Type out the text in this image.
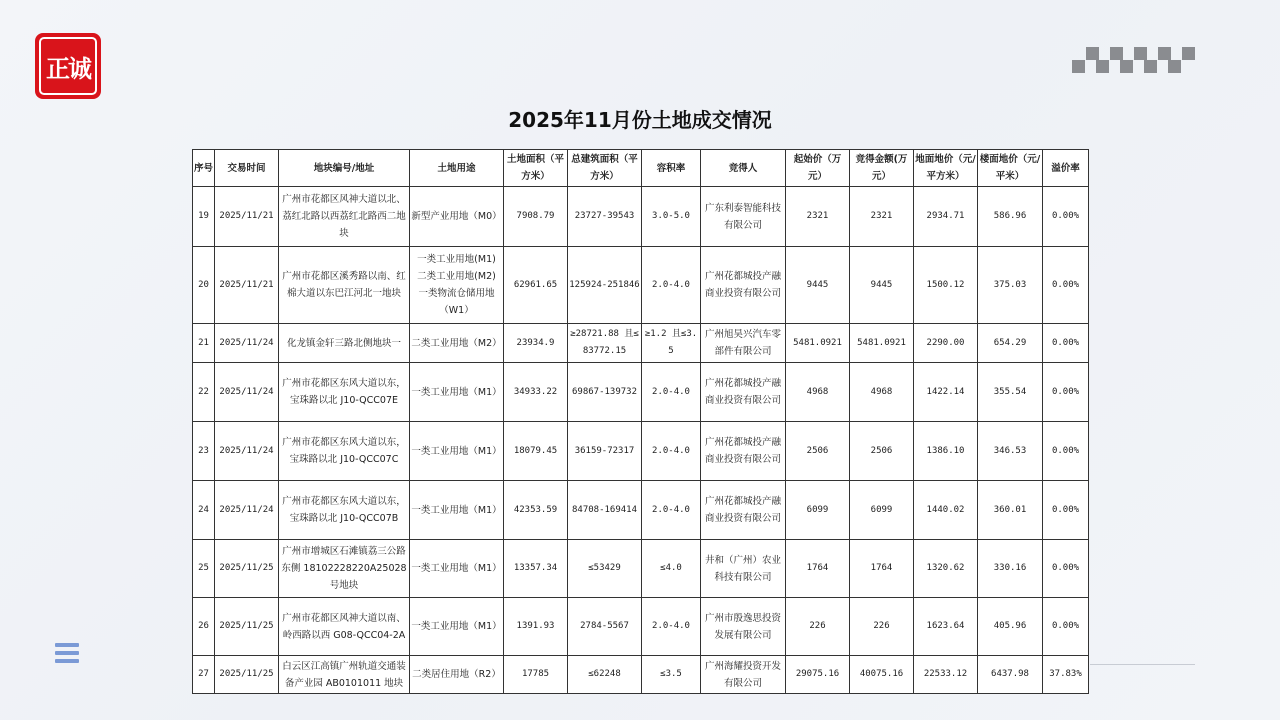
正诚
2025年11月份土地成交情况
序号	交易时间	地块编号/地址	土地用途	土地面积（平方米）	总建筑面积（平方米）	容积率	竞得人	起始价（万元）	竞得金额(万元）	地面地价（元/平方米）	楼面地价（元/平米）	溢价率
19	2025/11/21	广州市花都区风神大道以北、荔红北路以西荔红北路西二地块	新型产业用地（M0）	7908.79	23727-39543	3.0-5.0	广东利泰智能科技有限公司	2321	2321	2934.71	586.96	0.00%
20	2025/11/21	广州市花都区溪秀路以南、红棉大道以东巴江河北一地块	一类工业用地(M1) 二类工业用地(M2) 一类物流仓储用地（W1）	62961.65	125924-251846	2.0-4.0	广州花都城投产融商业投资有限公司	9445	9445	1500.12	375.03	0.00%
21	2025/11/24	化龙镇金轩三路北侧地块一	二类工业用地（M2）	23934.9	≥28721.88 且≤83772.15	≥1.2 且≤3.5	广州旭昊兴汽车零部件有限公司	5481.0921	5481.0921	2290.00	654.29	0.00%
22	2025/11/24	广州市花都区东风大道以东，宝珠路以北 J10-QCC07E	一类工业用地（M1）	34933.22	69867-139732	2.0-4.0	广州花都城投产融商业投资有限公司	4968	4968	1422.14	355.54	0.00%
23	2025/11/24	广州市花都区东风大道以东，宝珠路以北 J10-QCC07C	一类工业用地（M1）	18079.45	36159-72317	2.0-4.0	广州花都城投产融商业投资有限公司	2506	2506	1386.10	346.53	0.00%
24	2025/11/24	广州市花都区东风大道以东，宝珠路以北 J10-QCC07B	一类工业用地（M1）	42353.59	84708-169414	2.0-4.0	广州花都城投产融商业投资有限公司	6099	6099	1440.02	360.01	0.00%
25	2025/11/25	广州市增城区石滩镇荔三公路东侧 18102228220A25028 号地块	一类工业用地（M1）	13357.34	≤53429	≤4.0	井和（广州）农业科技有限公司	1764	1764	1320.62	330.16	0.00%
26	2025/11/25	广州市花都区风神大道以南、岭西路以西 G08-QCC04-2A	一类工业用地（M1）	1391.93	2784-5567	2.0-4.0	广州市殷逸思投资发展有限公司	226	226	1623.64	405.96	0.00%
27	2025/11/25	白云区江高镇广州轨道交通装备产业园 AB0101011 地块	二类居住用地（R2）	17785	≤62248	≤3.5	广州海耀投资开发有限公司	29075.16	40075.16	22533.12	6437.98	37.83%
